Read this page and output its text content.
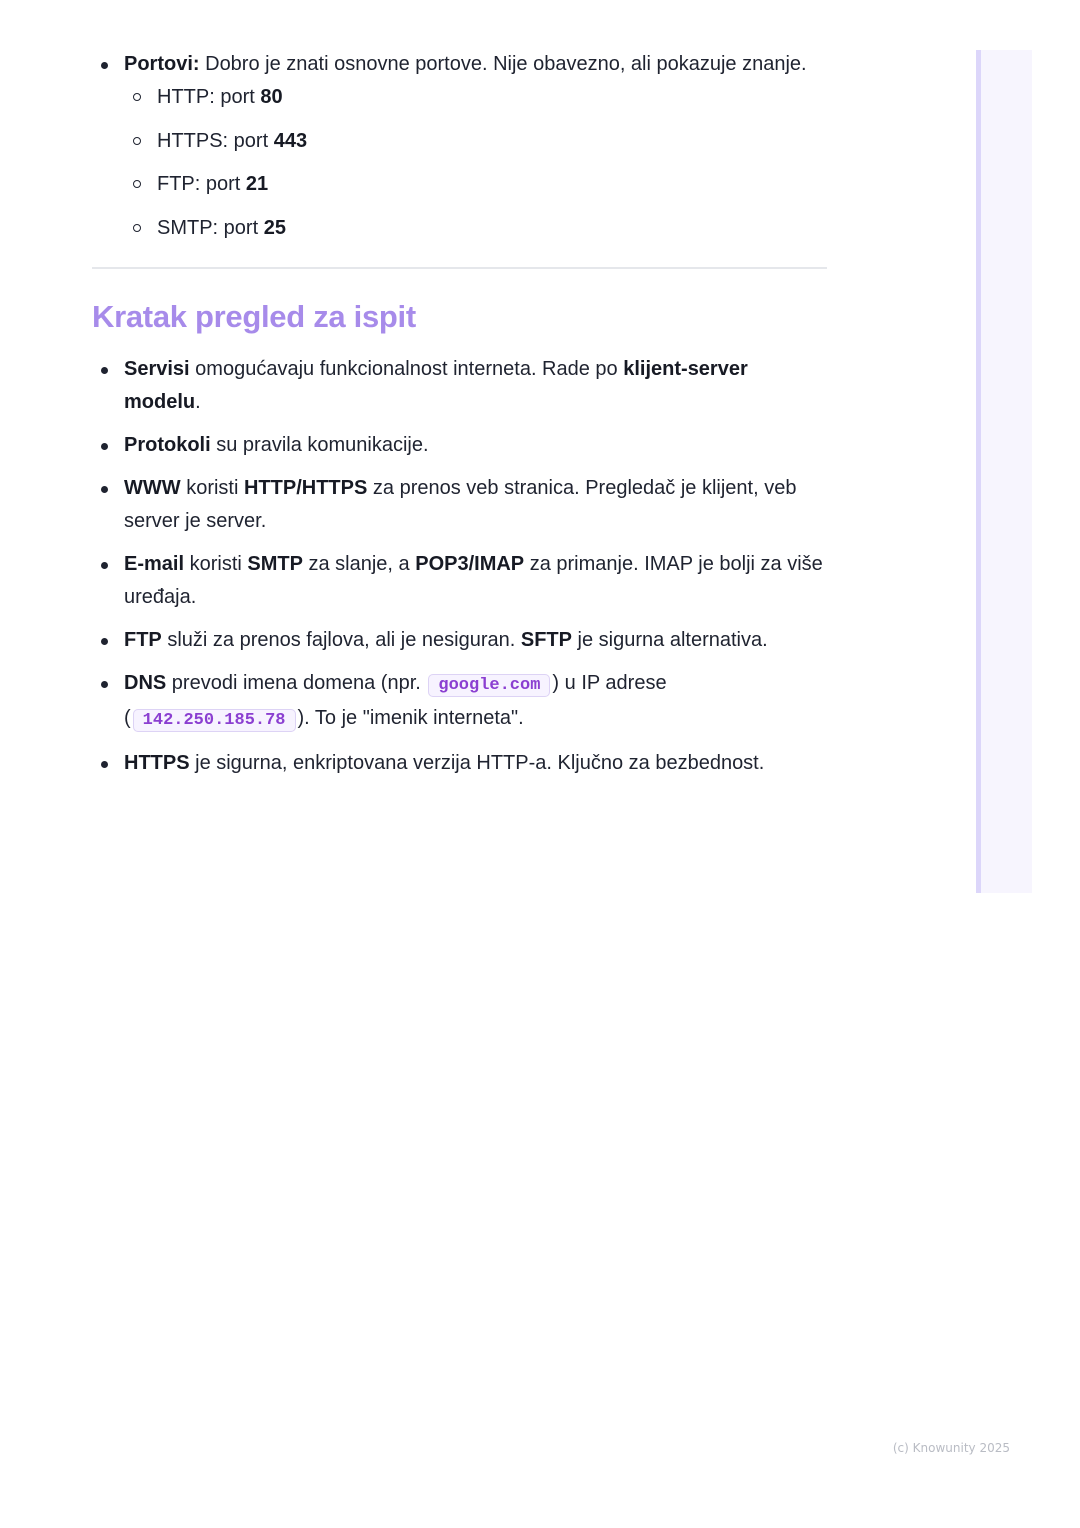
Portovi: Dobro je znati osnovne portove. Nije obavezno, ali pokazuje znanje.
HTTP: port 80
HTTPS: port 443
FTP: port 21
SMTP: port 25
Kratak pregled za ispit
Servisi omogućavaju funkcionalnost interneta. Rade po klijent-server modelu.
Protokoli su pravila komunikacije.
WWW koristi HTTP/HTTPS za prenos veb stranica. Pregledač je klijent, veb server je server.
E-mail koristi SMTP za slanje, a POP3/IMAP za primanje. IMAP je bolji za više uređaja.
FTP služi za prenos fajlova, ali je nesiguran. SFTP je sigurna alternativa.
DNS prevodi imena domena (npr. google.com ) u IP adrese ( 142.250.185.78 ). To je "imenik interneta".
HTTPS je sigurna, enkriptovana verzija HTTP-a. Ključno za bezbednost.
(c) Knowunity 2025
